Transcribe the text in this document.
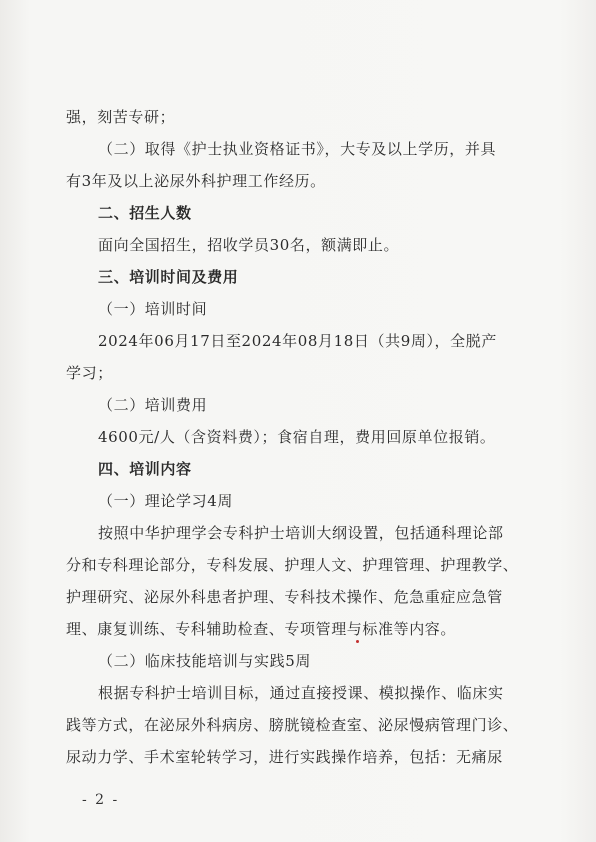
强，刻苦专研；

（二）取得《护士执业资格证书》，大专及以上学历，并具

有3年及以上泌尿外科护理工作经历。

二、招生人数

面向全国招生，招收学员30名，额满即止。

三、培训时间及费用

（一）培训时间

2024年06月17日至2024年08月18日（共9周），全脱产

学习；

（二）培训费用

4600元/人（含资料费）；食宿自理，费用回原单位报销。

四、培训内容

（一）理论学习4周

按照中华护理学会专科护士培训大纲设置，包括通科理论部

分和专科理论部分，专科发展、护理人文、护理管理、护理教学、

护理研究、泌尿外科患者护理、专科技术操作、危急重症应急管

理、康复训练、专科辅助检查、专项管理与标准等内容。

（二）临床技能培训与实践5周

根据专科护士培训目标，通过直接授课、模拟操作、临床实

践等方式，在泌尿外科病房、膀胱镜检查室、泌尿慢病管理门诊、

尿动力学、手术室轮转学习，进行实践操作培养，包括：无痛尿

- 2 -
